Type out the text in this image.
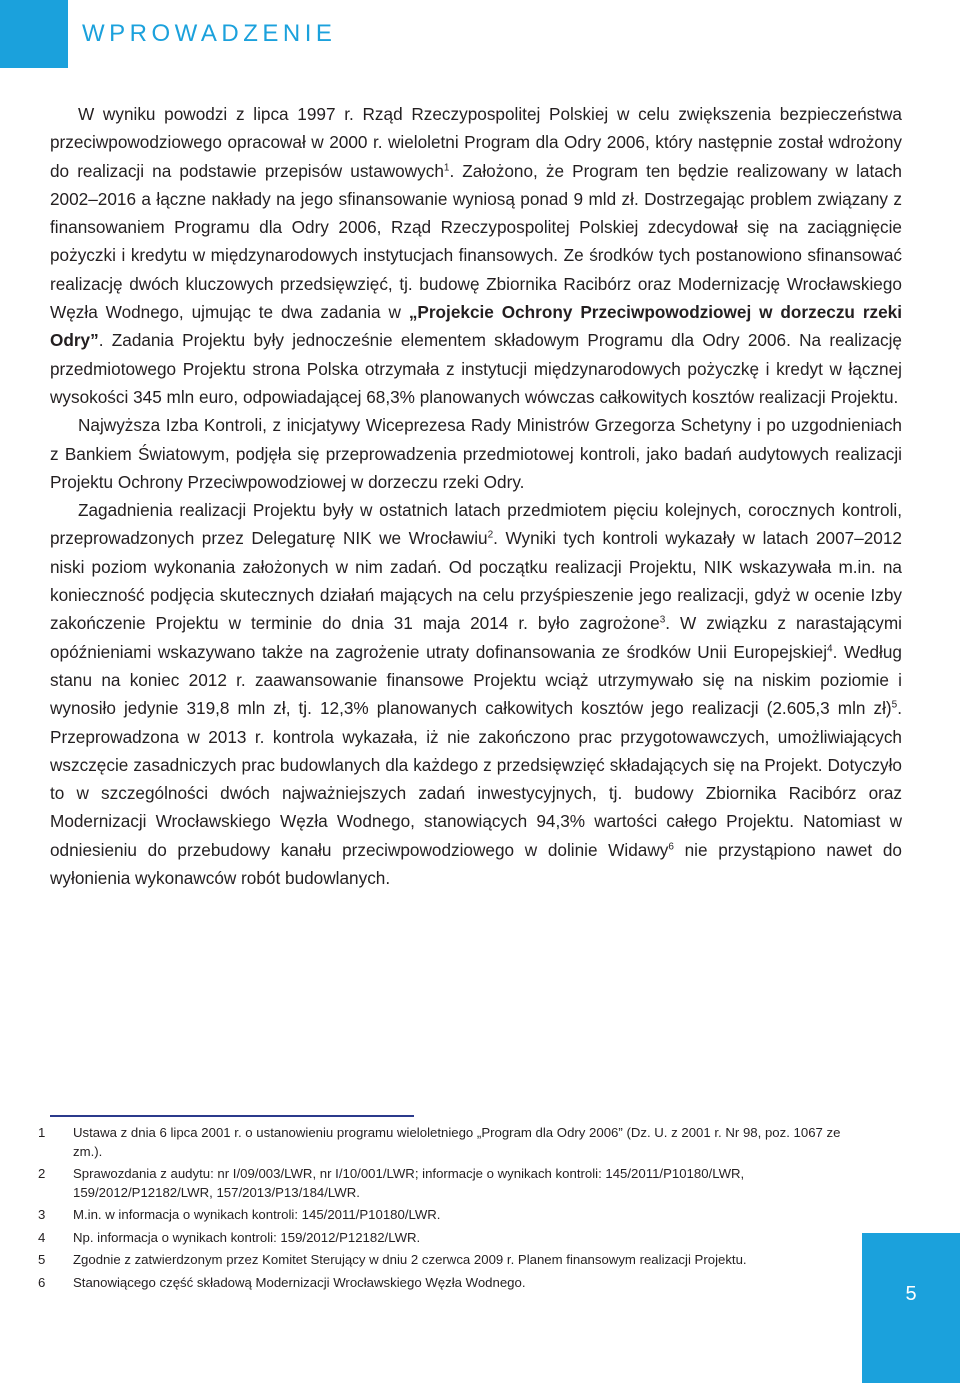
WPROWADZENIE

W wyniku powodzi z lipca 1997 r. Rząd Rzeczypospolitej Polskiej w celu zwiększenia bezpieczeństwa przeciwpowodziowego opracował w 2000 r. wieloletni Program dla Odry 2006, który następnie został wdrożony do realizacji na podstawie przepisów ustawowych$^1$. Założono, że Program ten będzie realizowany w latach 2002–2016 a łączne nakłady na jego sfinansowanie wyniosą ponad 9 mld zł. Dostrzegając problem związany z finansowaniem Programu dla Odry 2006, Rząd Rzeczypospolitej Polskiej zdecydował się na zaciągnięcie pożyczki i kredytu w międzynarodowych instytucjach finansowych. Ze środków tych postanowiono sfinansować realizację dwóch kluczowych przedsięwzięć, tj. budowę Zbiornika Racibórz oraz Modernizację Wrocławskiego Węzła Wodnego, ujmując te dwa zadania w „Projekcie Ochrony Przeciwpowodziowej w dorzeczu rzeki Odry”. Zadania Projektu były jednocześnie elementem składowym Programu dla Odry 2006. Na realizację przedmiotowego Projektu strona Polska otrzymała z instytucji międzynarodowych pożyczkę i kredyt w łącznej wysokości 345 mln euro, odpowiadającej 68,3% planowanych wówczas całkowitych kosztów realizacji Projektu.

Najwyższa Izba Kontroli, z inicjatywy Wiceprezesa Rady Ministrów Grzegorza Schetyny i po uzgodnieniach z Bankiem Światowym, podjęła się przeprowadzenia przedmiotowej kontroli, jako badań audytowych realizacji Projektu Ochrony Przeciwpowodziowej w dorzeczu rzeki Odry.

Zagadnienia realizacji Projektu były w ostatnich latach przedmiotem pięciu kolejnych, corocznych kontroli, przeprowadzonych przez Delegaturę NIK we Wrocławiu$^2$. Wyniki tych kontroli wykazały w latach 2007–2012 niski poziom wykonania założonych w nim zadań. Od początku realizacji Projektu, NIK wskazywała m.in. na konieczność podjęcia skutecznych działań mających na celu przyśpieszenie jego realizacji, gdyż w ocenie Izby zakończenie Projektu w terminie do dnia 31 maja 2014 r. było zagrożone$^3$. W związku z narastającymi opóźnieniami wskazywano także na zagrożenie utraty dofinansowania ze środków Unii Europejskiej$^4$. Według stanu na koniec 2012 r. zaawansowanie finansowe Projektu wciąż utrzymywało się na niskim poziomie i wynosiło jedynie 319,8 mln zł, tj. 12,3% planowanych całkowitych kosztów jego realizacji (2.605,3 mln zł)$^5$. Przeprowadzona w 2013 r. kontrola wykazała, iż nie zakończono prac przygotowawczych, umożliwiających wszczęcie zasadniczych prac budowlanych dla każdego z przedsięwzięć składających się na Projekt. Dotyczyło to w szczególności dwóch najważniejszych zadań inwestycyjnych, tj. budowy Zbiornika Racibórz oraz Modernizacji Wrocławskiego Węzła Wodnego, stanowiących 94,3% wartości całego Projektu. Natomiast w odniesieniu do przebudowy kanału przeciwpowodziowego w dolinie Widawy$^6$ nie przystąpiono nawet do wyłonienia wykonawców robót budowlanych.

1	Ustawa z dnia 6 lipca 2001 r. o ustanowieniu programu wieloletniego „Program dla Odry 2006” (Dz. U. z 2001 r. Nr 98, poz. 1067 ze zm.).
2	Sprawozdania z audytu: nr I/09/003/LWR, nr I/10/001/LWR; informacje o wynikach kontroli: 145/2011/P10180/LWR, 159/2012/P12182/LWR, 157/2013/P13/184/LWR.
3	M.in. w informacja o wynikach kontroli: 145/2011/P10180/LWR.
4	Np. informacja o wynikach kontroli: 159/2012/P12182/LWR.
5	Zgodnie z zatwierdzonym przez Komitet Sterujący w dniu 2 czerwca 2009 r. Planem finansowym realizacji Projektu.
6	Stanowiącego część składową Modernizacji Wrocławskiego Węzła Wodnego.
5
